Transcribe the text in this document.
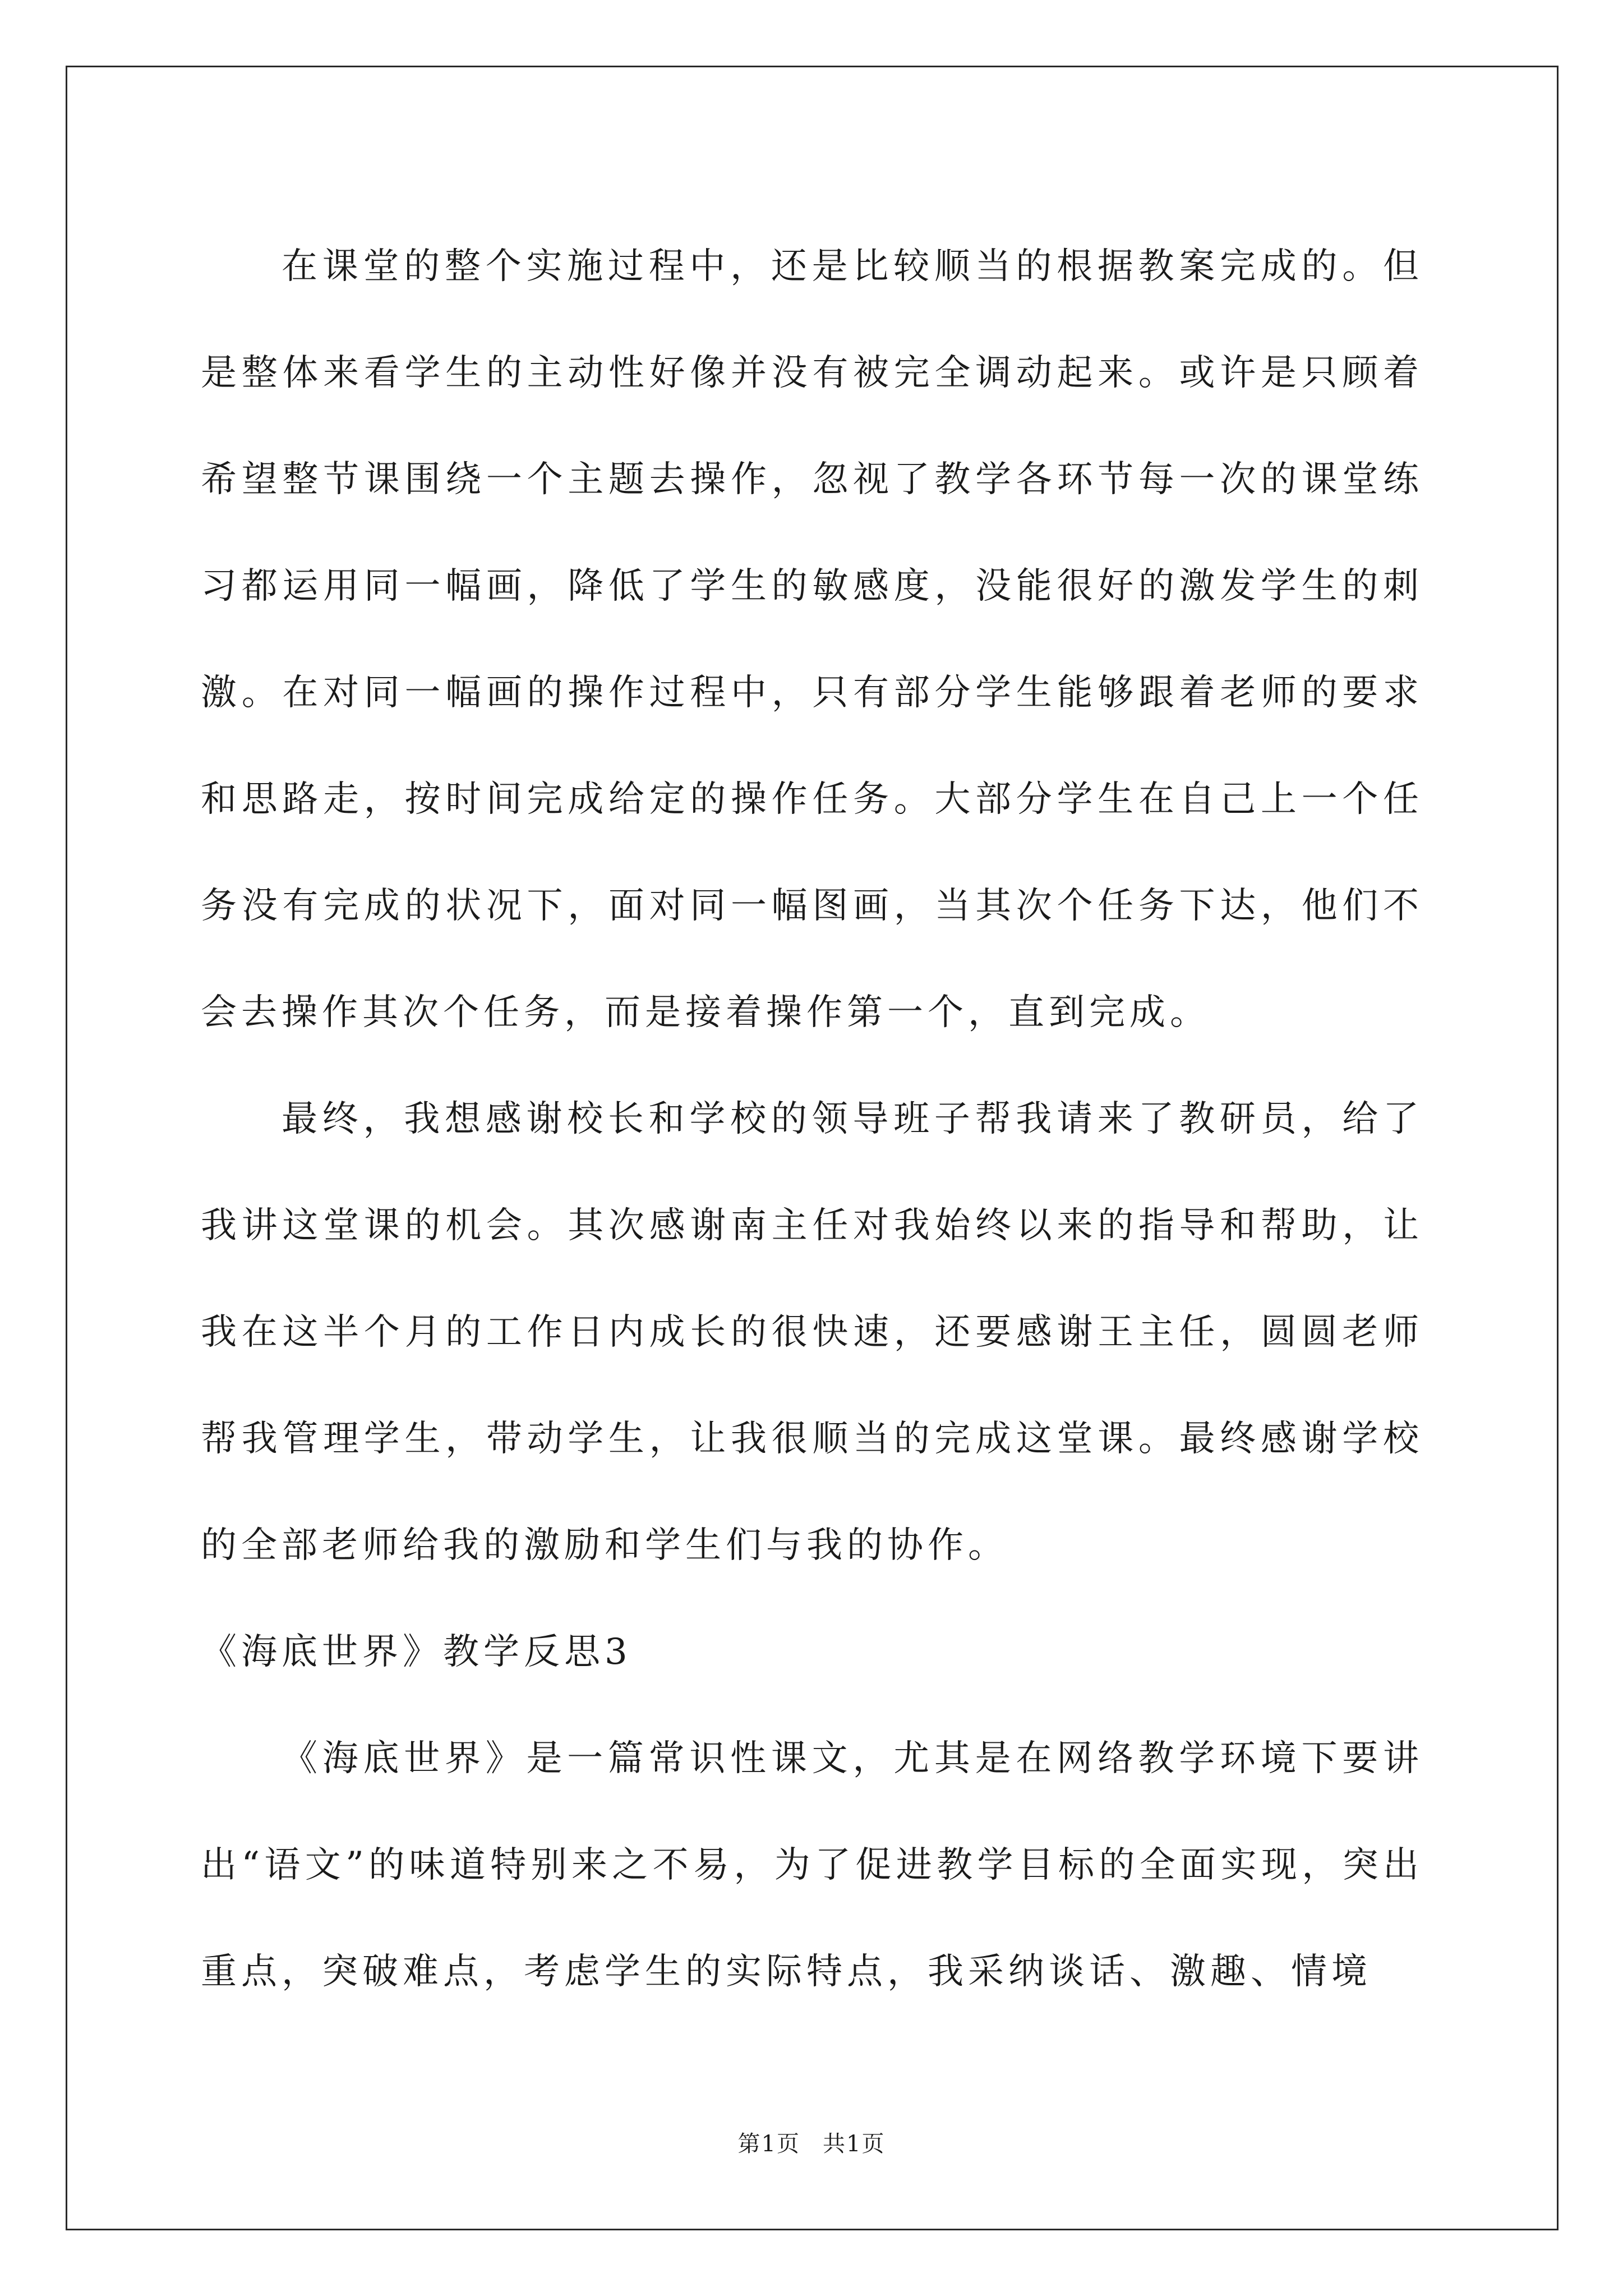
在课堂的整个实施过程中，还是比较顺当的根据教案完成的。但是整体来看学生的主动性好像并没有被完全调动起来。或许是只顾着希望整节课围绕一个主题去操作，忽视了教学各环节每一次的课堂练习都运用同一幅画，降低了学生的敏感度，没能很好的激发学生的刺激。在对同一幅画的操作过程中，只有部分学生能够跟着老师的要求和思路走，按时间完成给定的操作任务。大部分学生在自己上一个任务没有完成的状况下，面对同一幅图画，当其次个任务下达，他们不会去操作其次个任务，而是接着操作第一个，直到完成。

最终，我想感谢校长和学校的领导班子帮我请来了教研员，给了我讲这堂课的机会。其次感谢南主任对我始终以来的指导和帮助，让我在这半个月的工作日内成长的很快速，还要感谢王主任，圆圆老师帮我管理学生，带动学生，让我很顺当的完成这堂课。最终感谢学校的全部老师给我的激励和学生们与我的协作。

《海底世界》教学反思3

《海底世界》是一篇常识性课文，尤其是在网络教学环境下要讲出“语文”的味道特别来之不易，为了促进教学目标的全面实现，突出重点，突破难点，考虑学生的实际特点，我采纳谈话、激趣、情境

第1页 共1页
